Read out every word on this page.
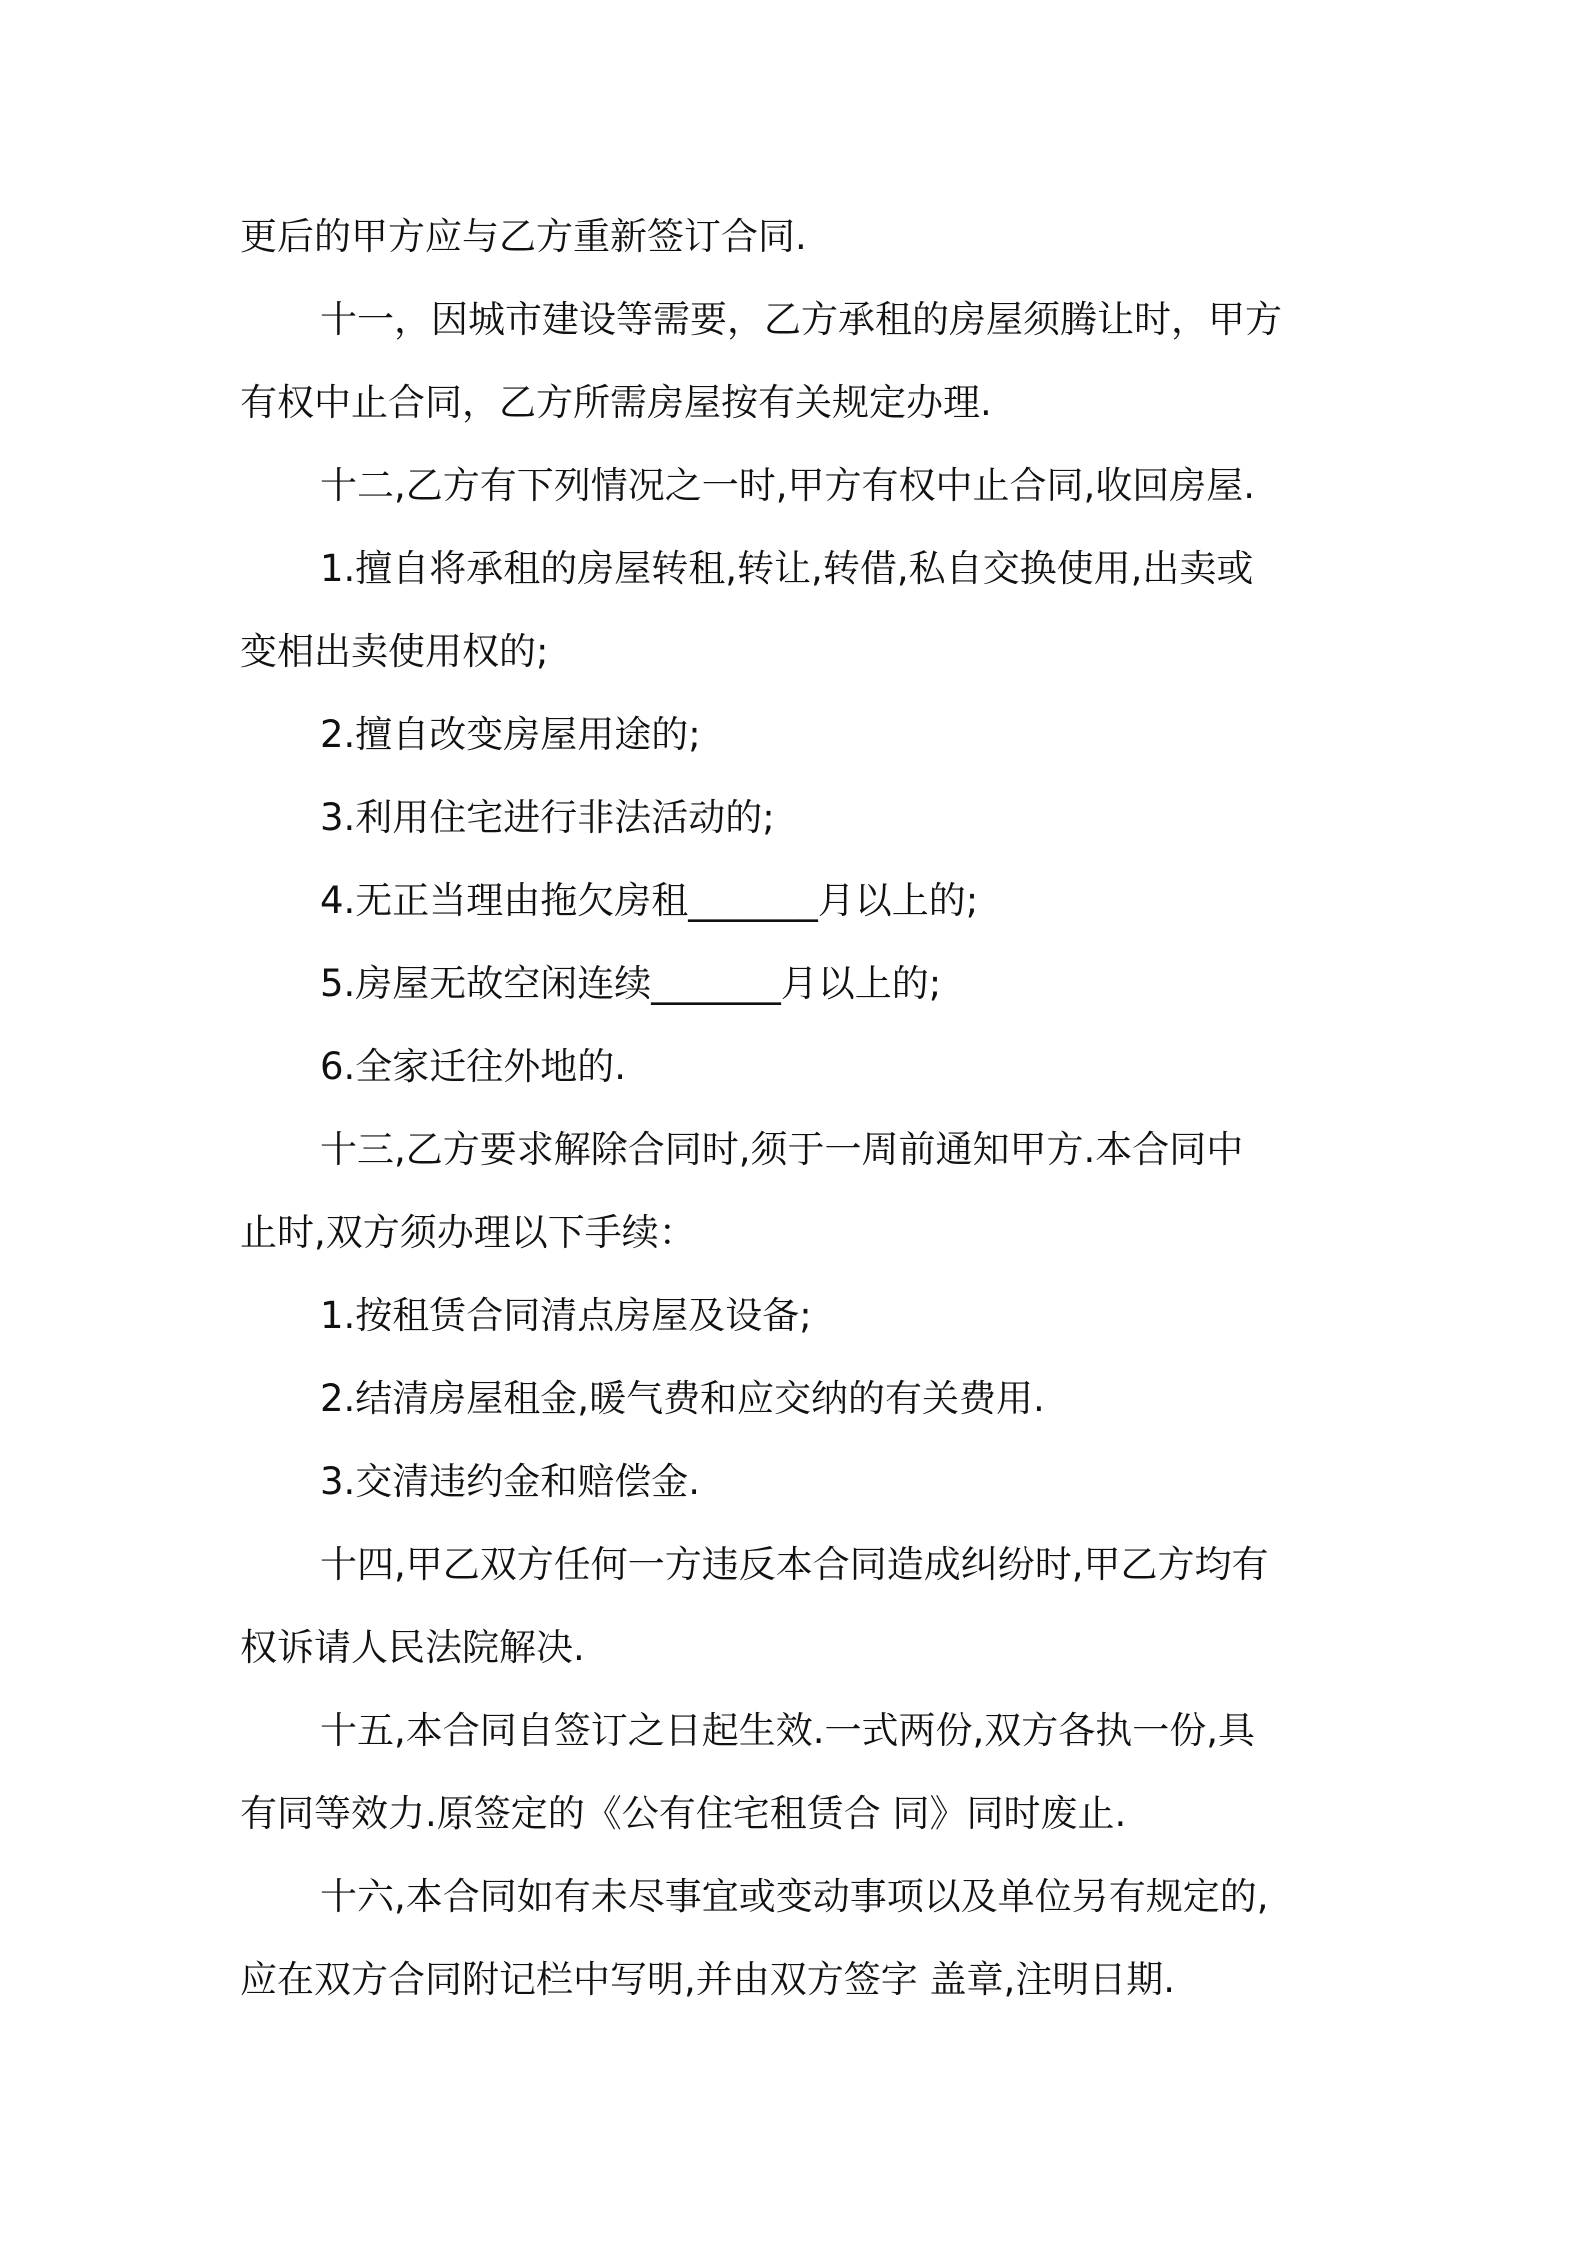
更后的甲方应与乙方重新签订合同.
十一，因城市建设等需要，乙方承租的房屋须腾让时，甲方
有权中止合同，乙方所需房屋按有关规定办理.
十二,乙方有下列情况之一时,甲方有权中止合同,收回房屋.
1.擅自将承租的房屋转租,转让,转借,私自交换使用,出卖或
变相出卖使用权的;
2.擅自改变房屋用途的;
3.利用住宅进行非法活动的;
4.无正当理由拖欠房租_______月以上的;
5.房屋无故空闲连续_______月以上的;
6.全家迁往外地的.
十三,乙方要求解除合同时,须于一周前通知甲方.本合同中
止时,双方须办理以下手续：
1.按租赁合同清点房屋及设备;
2.结清房屋租金,暖气费和应交纳的有关费用.
3.交清违约金和赔偿金.
十四,甲乙双方任何一方违反本合同造成纠纷时,甲乙方均有
权诉请人民法院解决.
十五,本合同自签订之日起生效.一式两份,双方各执一份,具
有同等效力.原签定的《公有住宅租赁合 同》同时废止.
十六,本合同如有未尽事宜或变动事项以及单位另有规定的,
应在双方合同附记栏中写明,并由双方签字 盖章,注明日期.
